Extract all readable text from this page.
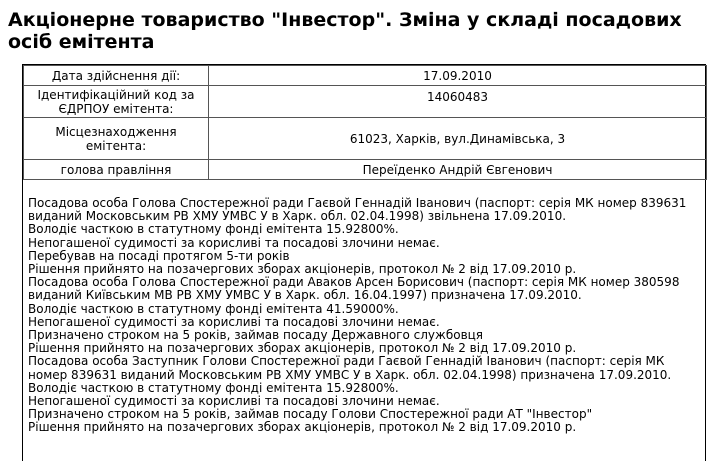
Акціонерне товариство "Інвестор". Зміна у складі посадових осіб емітента
Дата здійснення дії:	17.09.2010
Ідентифікаційний код за ЄДРПОУ емітента:	14060483
Місцезнаходження емітента:	61023, Харків, вул.Динамівська, 3
голова правління	Переїденко Андрій Євгенович

Посадова особа Голова Спостережної ради Гаєвой Геннадій Іванович (паспорт: серія МК номер 839631 виданий Московським РВ ХМУ УМВС У в Харк. обл. 02.04.1998) звільнена 17.09.2010.

Володіє часткою в статутному фонді емітента 15.92800%.

Непогашеної судимості за корисливі та посадові злочини немає.

Перебував на посаді протягом 5-ти років

Рішення прийнято на позачергових зборах акціонерів, протокол № 2 від 17.09.2010 р.

Посадова особа Голова Спостережної ради Аваков Арсен Борисович (паспорт: серія МК номер 380598 виданий Київським МВ РВ ХМУ УМВС У в Харк. обл. 16.04.1997) призначена 17.09.2010.

Володіє часткою в статутному фонді емітента 41.59000%.

Непогашеної судимості за корисливі та посадові злочини немає.

Призначено строком на 5 років, займав посаду Державного службовця

Рішення прийнято на позачергових зборах акціонерів, протокол № 2 від 17.09.2010 р.

Посадова особа Заступник Голови Спостережної ради Гаєвой Геннадій Іванович (паспорт: серія МК номер 839631 виданий Московським РВ ХМУ УМВС У в Харк. обл. 02.04.1998) призначена 17.09.2010.

Володіє часткою в статутному фонді емітента 15.92800%.

Непогашеної судимості за корисливі та посадові злочини немає.

Призначено строком на 5 років, займав посаду Голови Спостережної ради АТ "Інвестор"

Рішення прийнято на позачергових зборах акціонерів, протокол № 2 від 17.09.2010 р.
